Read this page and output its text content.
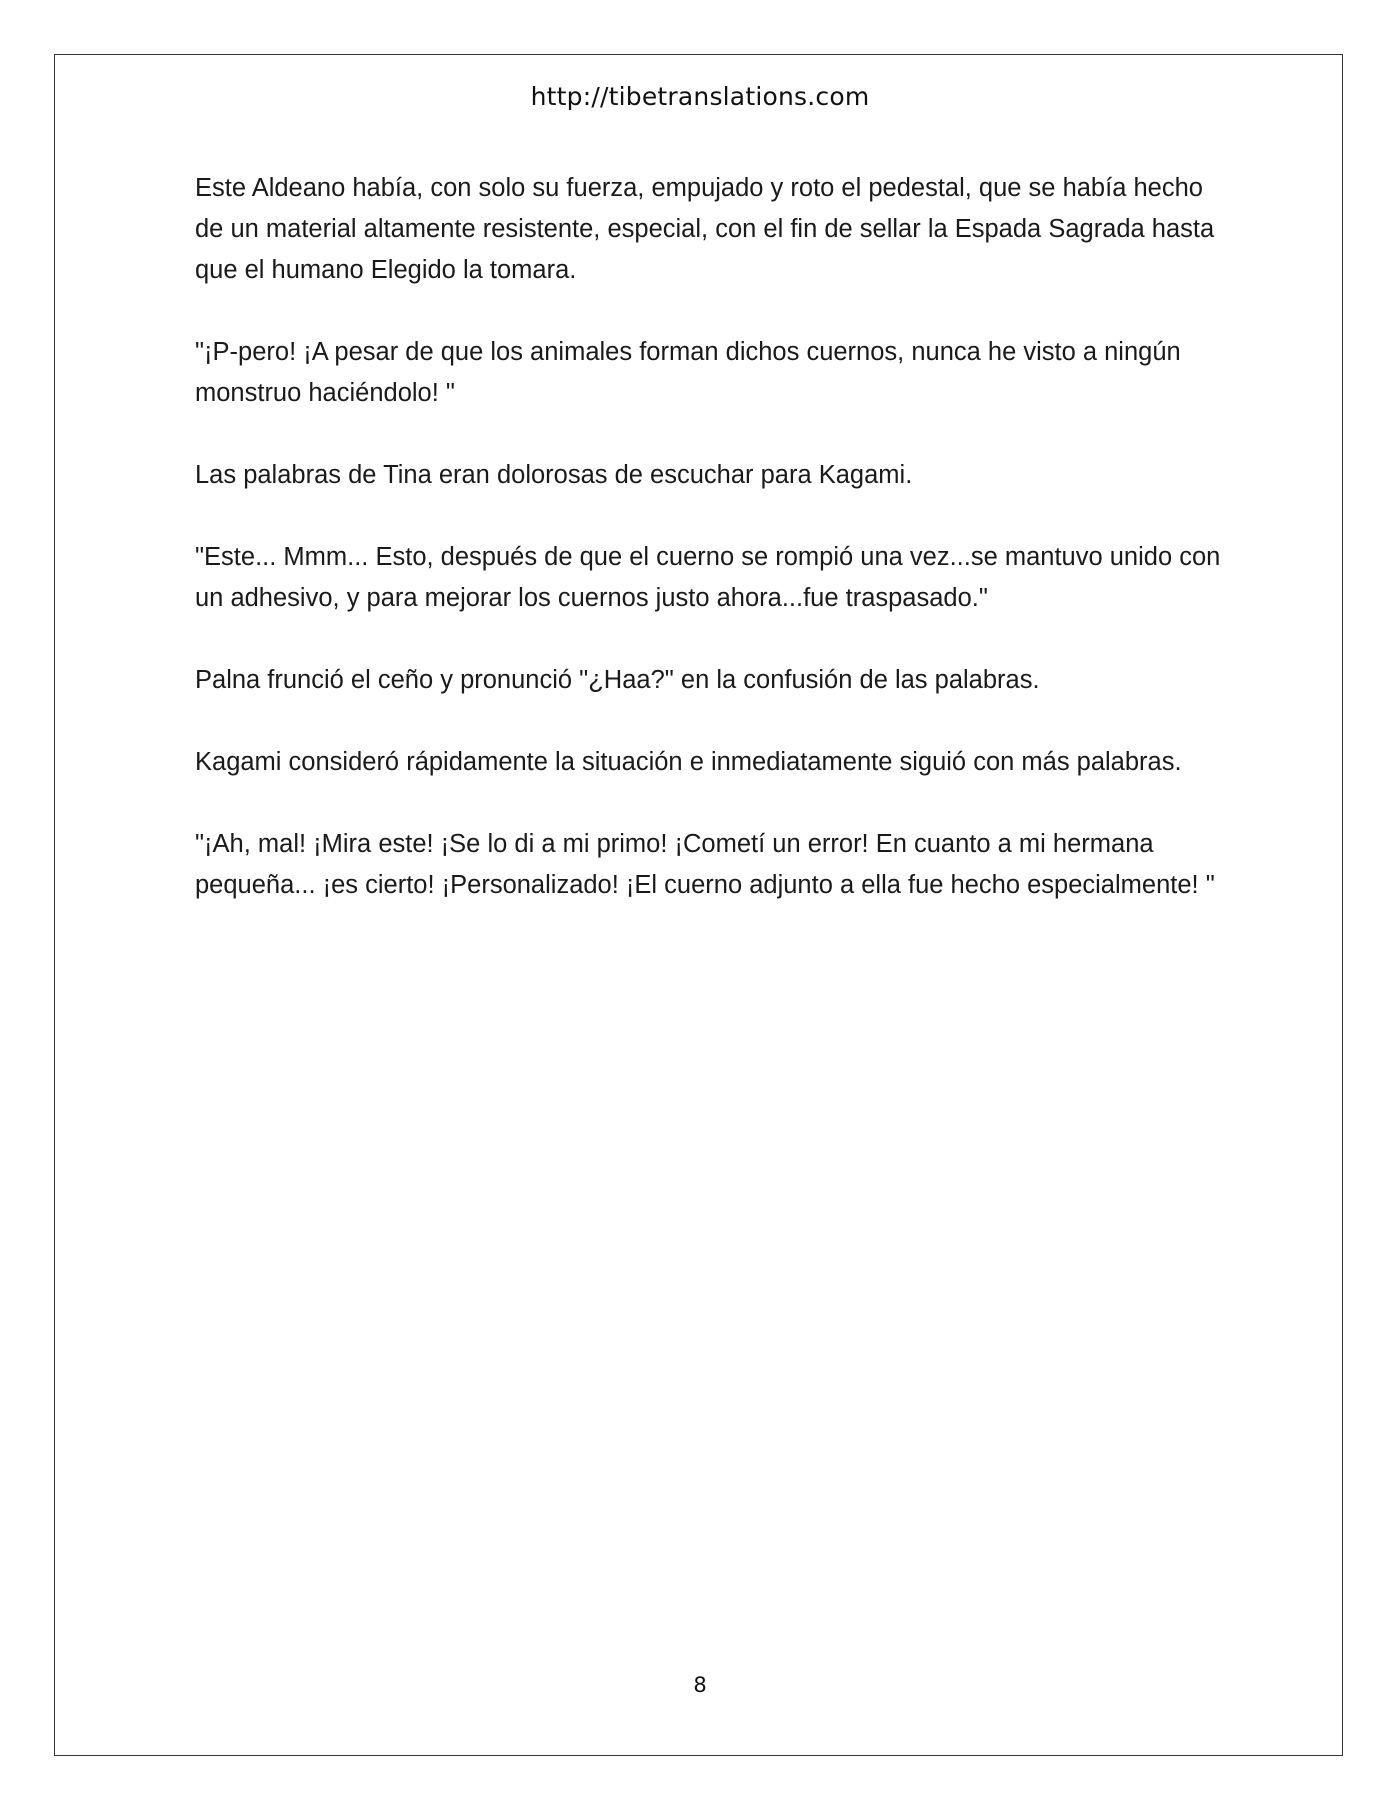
http://tibetranslations.com

Este Aldeano había, con solo su fuerza, empujado y roto el pedestal, que se había hecho de un material altamente resistente, especial, con el fin de sellar la Espada Sagrada hasta que el humano Elegido la tomara.

"¡P-pero! ¡A pesar de que los animales forman dichos cuernos, nunca he visto a ningún monstruo haciéndolo! "

Las palabras de Tina eran dolorosas de escuchar para Kagami.

"Este... Mmm... Esto, después de que el cuerno se rompió una vez...se mantuvo unido con un adhesivo, y para mejorar los cuernos justo ahora...fue traspasado."

Palna frunció el ceño y pronunció "¿Haa?" en la confusión de las palabras.

Kagami consideró rápidamente la situación e inmediatamente siguió con más palabras.

"¡Ah, mal! ¡Mira este! ¡Se lo di a mi primo! ¡Cometí un error! En cuanto a mi hermana pequeña... ¡es cierto! ¡Personalizado! ¡El cuerno adjunto a ella fue hecho especialmente! "

8
